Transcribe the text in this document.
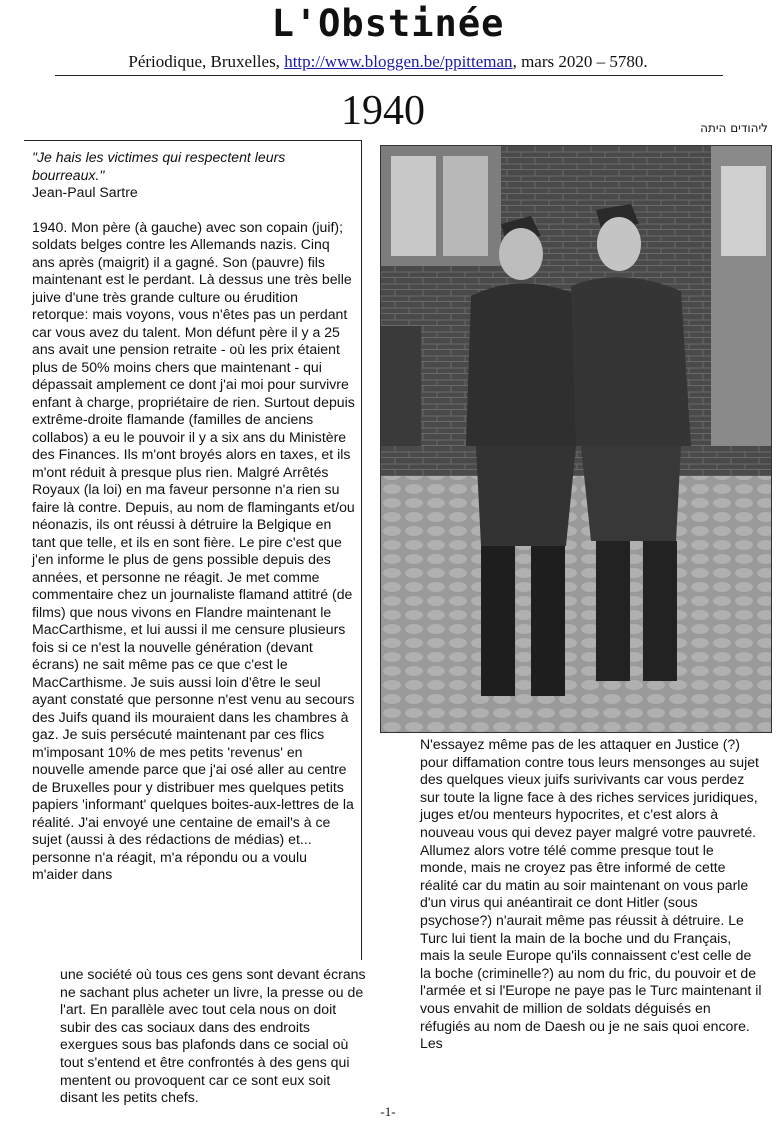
L'Obstinée
Périodique, Bruxelles, http://www.bloggen.be/ppitteman, mars 2020 – 5780.
1940	ליהודים היתה
"Je hais les victimes qui respectent leurs bourreaux."
Jean-Paul Sartre
1940. Mon père (à gauche) avec son copain (juif); soldats belges contre les Allemands nazis. Cinq ans après (maigrit) il a gagné. Son (pauvre) fils maintenant est le perdant. Là dessus une très belle juive d'une très grande culture ou érudition retorque: mais voyons, vous n'êtes pas un perdant car vous avez du talent. Mon défunt père il y a 25 ans avait une pension retraite - où les prix étaient plus de 50% moins chers que maintenant - qui dépassait amplement ce dont j'ai moi pour survivre enfant à charge, propriétaire de rien. Surtout depuis extrême-droite flamande (familles de anciens collabos) a eu le pouvoir il y a six ans du Ministère des Finances. Ils m'ont broyés alors en taxes, et ils m'ont réduit à presque plus rien. Malgré Arrêtés Royaux (la loi) en ma faveur personne n'a rien su faire là contre. Depuis, au nom de flamingants et/ou néonazis, ils ont réussi à détruire la Belgique en tant que telle, et ils en sont fière. Le pire c'est que j'en informe le plus de gens possible depuis des années, et personne ne réagit. Je met comme commentaire chez un journaliste flamand attitré (de films) que nous vivons en Flandre maintenant le MacCarthisme, et lui aussi il me censure plusieurs fois si ce n'est la nouvelle génération (devant écrans) ne sait même pas ce que c'est le MacCarthisme. Je suis aussi loin d'être le seul ayant constaté que personne n'est venu au secours des Juifs quand ils mouraient dans les chambres à gaz. Je suis persécuté maintenant par ces flics m'imposant 10% de mes petits 'revenus' en nouvelle amende parce que j'ai osé aller au centre de Bruxelles pour y distribuer mes quelques petits papiers 'informant' quelques boites-aux-lettres de la réalité. J'ai envoyé une centaine de email's à ce sujet (aussi à des rédactions de médias) et... personne n'a réagit, m'a répondu ou a voulu m'aider dans
N'essayez même pas de les attaquer en Justice (?) pour diffamation contre tous leurs mensonges au sujet des quelques vieux juifs surivivants car vous perdez sur toute la ligne face à des riches services juridiques, juges et/ou menteurs hypocrites, et c'est alors à nouveau vous qui devez payer malgré votre pauvreté. Allumez alors votre télé comme presque tout le monde, mais ne croyez pas être informé de cette réalité car du matin au soir maintenant on vous parle d'un virus qui anéantirait ce dont Hitler (sous psychose?) n'aurait même pas réussit à détruire. Le Turc lui tient la main de la boche und du Français, mais la seule Europe qu'ils connaissent c'est celle de la boche (criminelle?) au nom du fric, du pouvoir et de l'armée et si l'Europe ne paye pas le Turc maintenant il vous envahit de million de soldats déguisés en réfugiés au nom de Daesh ou je ne sais quoi encore. Les
une société où tous ces gens sont devant écrans ne sachant plus acheter un livre, la presse ou de l'art. En parallèle avec tout cela nous on doit subir des cas sociaux dans des endroits exergues sous bas plafonds dans ce social où tout s'entend et être confrontés à des gens qui mentent ou provoquent car ce sont eux soit disant les petits chefs.
-1-
